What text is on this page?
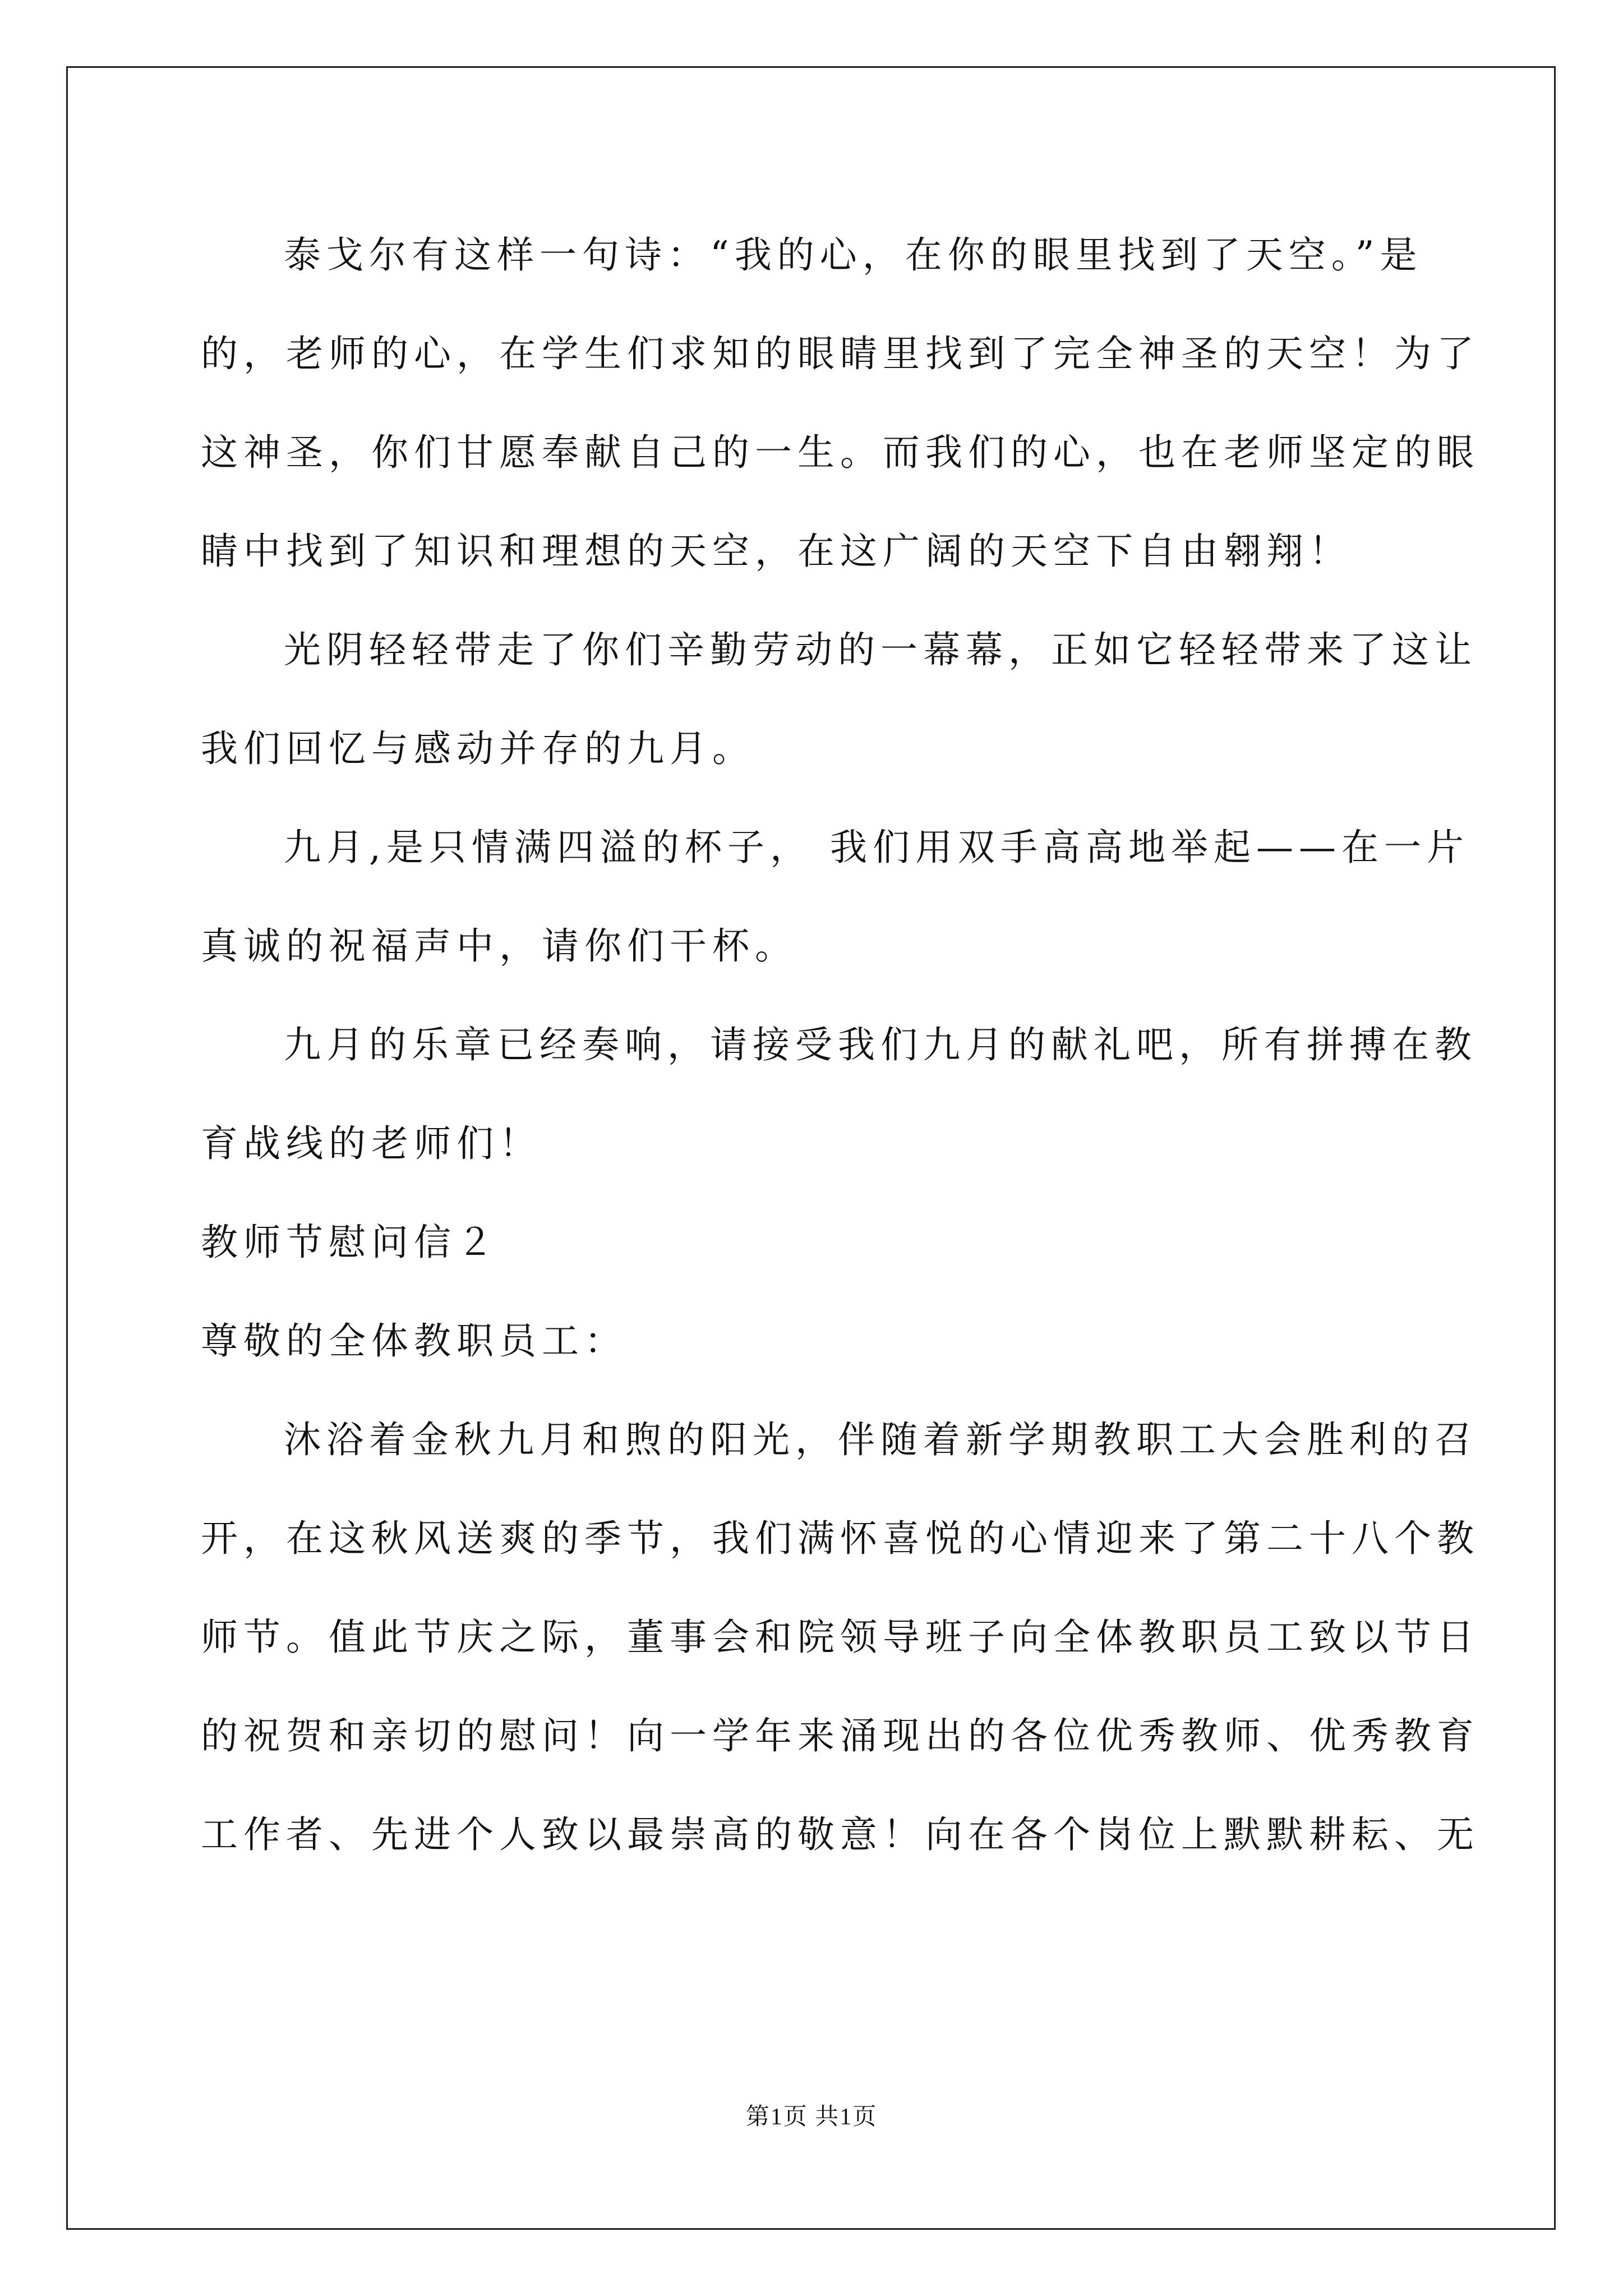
泰戈尔有这样一句诗：“我的心，在你的眼里找到了天空。”是
的，老师的心，在学生们求知的眼睛里找到了完全神圣的天空！为了
这神圣，你们甘愿奉献自己的一生。而我们的心，也在老师坚定的眼
睛中找到了知识和理想的天空，在这广阔的天空下自由翱翔！
光阴轻轻带走了你们辛勤劳动的一幕幕，正如它轻轻带来了这让
我们回忆与感动并存的九月。
九月,是只情满四溢的杯子， 我们用双手高高地举起——在一片
真诚的祝福声中，请你们干杯。
九月的乐章已经奏响，请接受我们九月的献礼吧，所有拼搏在教
育战线的老师们！
教师节慰问信２
尊敬的全体教职员工：
沐浴着金秋九月和煦的阳光，伴随着新学期教职工大会胜利的召
开，在这秋风送爽的季节，我们满怀喜悦的心情迎来了第二十八个教
师节。值此节庆之际，董事会和院领导班子向全体教职员工致以节日
的祝贺和亲切的慰问！向一学年来涌现出的各位优秀教师、优秀教育
工作者、先进个人致以最崇高的敬意！向在各个岗位上默默耕耘、无
第1页 共1页
